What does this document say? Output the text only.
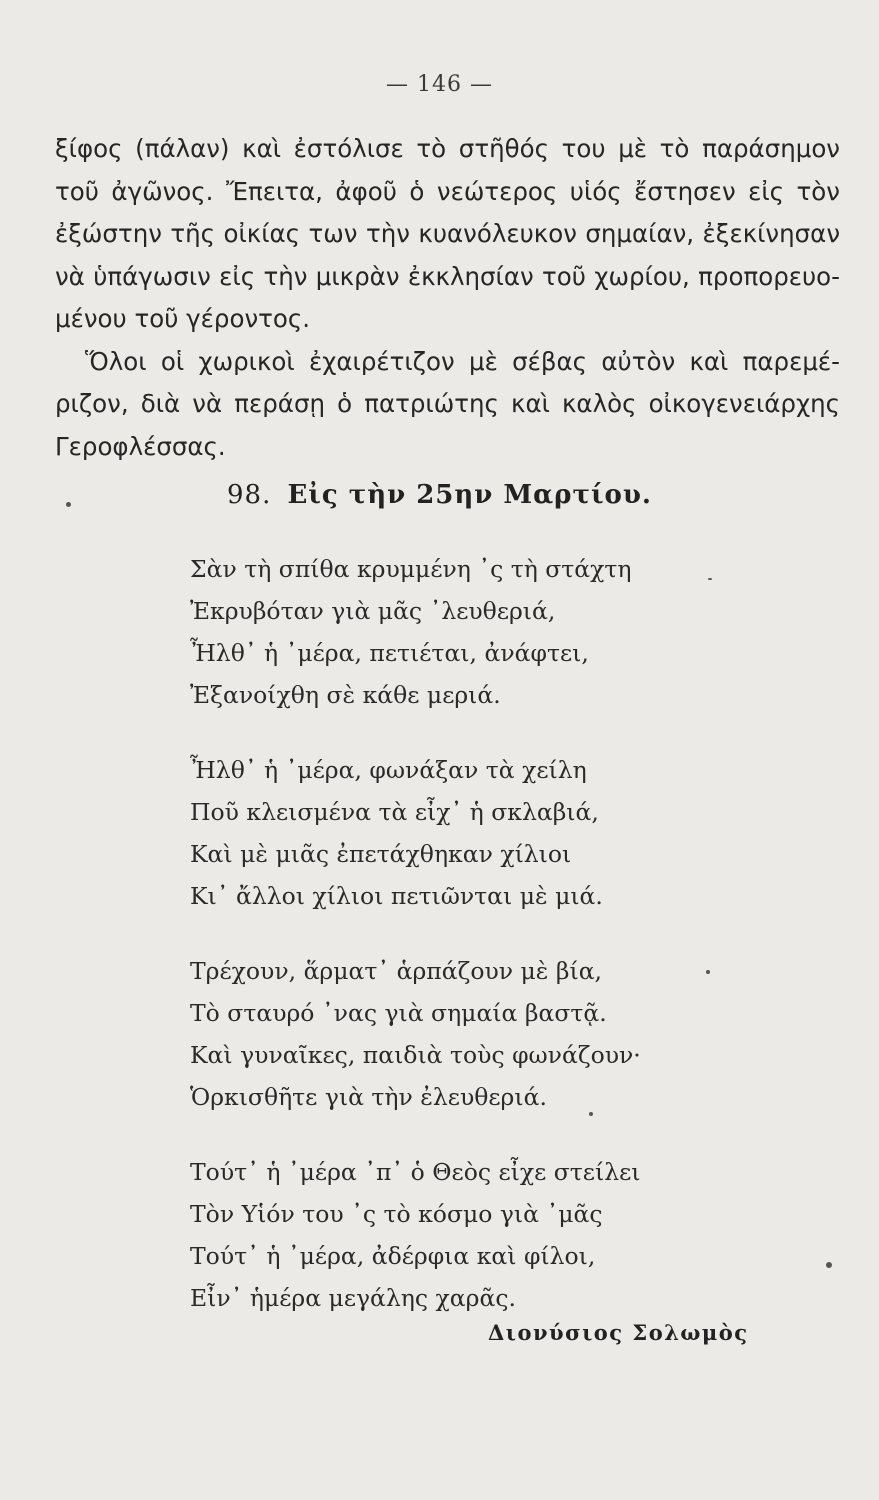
— 146 —
ξίφος (πάλαν) καὶ ἐστόλισε τὸ στῆθός του μὲ τὸ παράσημον
τοῦ ἀγῶνος. Ἔπειτα, ἀφοῦ ὁ νεώτερος υἱός ἔστησεν εἰς τὸν
ἐξώστην τῆς οἰκίας των τὴν κυανόλευκον σημαίαν, ἐξεκίνησαν
νὰ ὑπάγωσιν εἰς τὴν μικρὰν ἐκκλησίαν τοῦ χωρίου, προπορευο-
μένου τοῦ γέροντος.
Ὅλοι οἱ χωρικοὶ ἐχαιρέτιζον μὲ σέβας αὐτὸν καὶ παρεμέ-
ριζον, διὰ νὰ περάσῃ ὁ πατριώτης καὶ καλὸς οἰκογενειάρχης
Γεροφλέσσας.
98. Εἰς τὴν 25ην Μαρτίου.
Σὰν τὴ σπίθα κρυμμένη ᾽ς τὴ στάχτη
Ἐκρυβόταν γιὰ μᾶς ᾽λευθεριά,
Ἦλθ᾽ ἡ ᾽μέρα, πετιέται, ἀνάφτει,
Ἐξανοίχθη σὲ κάθε μεριά.
Ἦλθ᾽ ἡ ᾽μέρα, φωνάξαν τὰ χείλη
Ποῦ κλεισμένα τὰ εἶχ᾽ ἡ σκλαβιά,
Καὶ μὲ μιᾶς ἐπετάχθηκαν χίλιοι
Κι᾽ ἄλλοι χίλιοι πετιῶνται μὲ μιά.
Τρέχουν, ἅρματ᾽ ἁρπάζουν μὲ βία,
Τὸ σταυρό ᾽νας γιὰ σημαία βαστᾷ.
Καὶ γυναῖκες, παιδιὰ τοὺς φωνάζουν·
Ὁρκισθῆτε γιὰ τὴν ἐλευθεριά.
Τούτ᾽ ἡ ᾽μέρα ᾽π᾽ ὁ Θεὸς εἶχε στείλει
Τὸν Υἱόν του ᾽ς τὸ κόσμο γιὰ ᾽μᾶς
Τούτ᾽ ἡ ᾽μέρα, ἀδέρφια καὶ φίλοι,
Εἶν᾽ ἡμέρα μεγάλης χαρᾶς.
Διονύσιος Σολωμὸς
